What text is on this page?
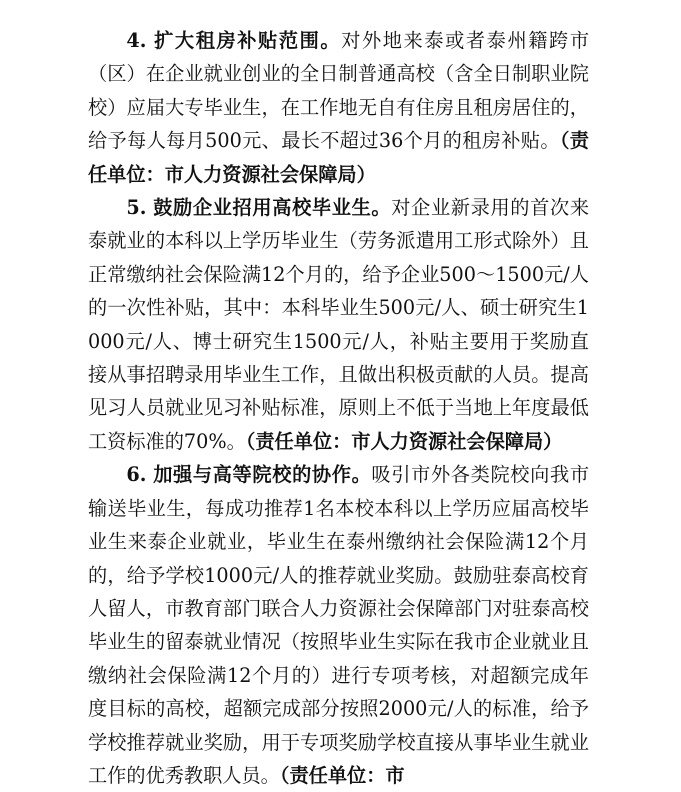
4. 扩大租房补贴范围。对外地来泰或者泰州籍跨市（区）在企业就业创业的全日制普通高校（含全日制职业院校）应届大专毕业生，在工作地无自有住房且租房居住的，给予每人每月500元、最长不超过36个月的租房补贴。（责任单位：市人力资源社会保障局）

5. 鼓励企业招用高校毕业生。对企业新录用的首次来泰就业的本科以上学历毕业生（劳务派遣用工形式除外）且正常缴纳社会保险满12个月的，给予企业500～1500元/人的一次性补贴，其中：本科毕业生500元/人、硕士研究生1000元/人、博士研究生1500元/人，补贴主要用于奖励直接从事招聘录用毕业生工作，且做出积极贡献的人员。提高见习人员就业见习补贴标准，原则上不低于当地上年度最低工资标准的70%。（责任单位：市人力资源社会保障局）

6. 加强与高等院校的协作。吸引市外各类院校向我市输送毕业生，每成功推荐1名本校本科以上学历应届高校毕业生来泰企业就业，毕业生在泰州缴纳社会保险满12个月的，给予学校1000元/人的推荐就业奖励。鼓励驻泰高校育人留人，市教育部门联合人力资源社会保障部门对驻泰高校毕业生的留泰就业情况（按照毕业生实际在我市企业就业且缴纳社会保险满12个月的）进行专项考核，对超额完成年度目标的高校，超额完成部分按照2000元/人的标准，给予学校推荐就业奖励，用于专项奖励学校直接从事毕业生就业工作的优秀教职人员。（责任单位：市
